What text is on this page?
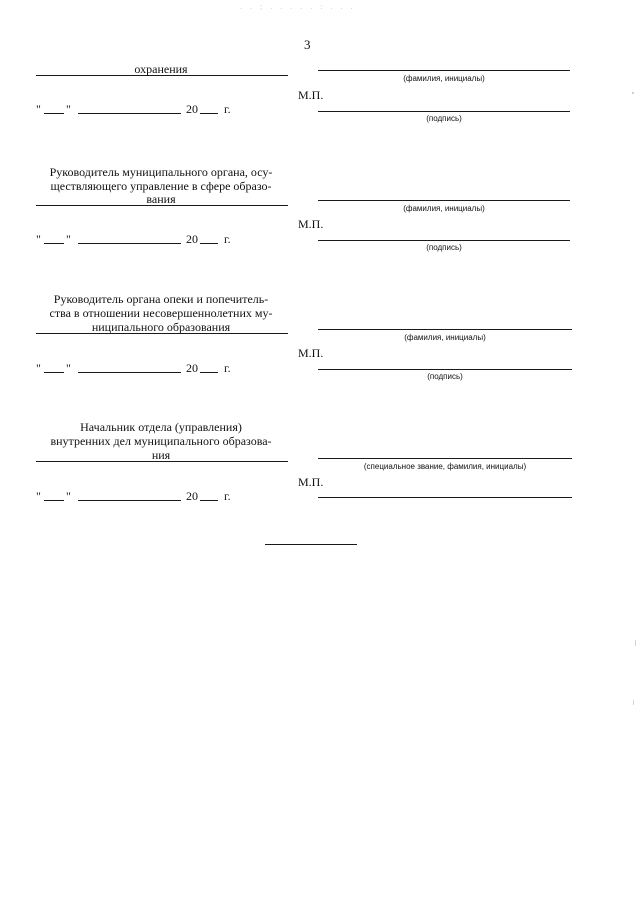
. . ; . . . . . : . . .
3
охранения
" "	20 г.
(фамилия, инициалы)
М.П.
(подпись)
Руководитель муниципального органа, осу-
ществляющего управление в сфере образо-
вания
" "	20 г.
(фамилия, инициалы)
М.П.
(подпись)
Руководитель органа опеки и попечитель-
ства в отношении несовершеннолетних му-
ниципального образования
" "	20 г.
(фамилия, инициалы)
М.П.
(подпись)
Начальник отдела (управления)
внутренних дел муниципального образова-
ния
" "	20 г.
(специальное звание, фамилия, инициалы)
М.П.
